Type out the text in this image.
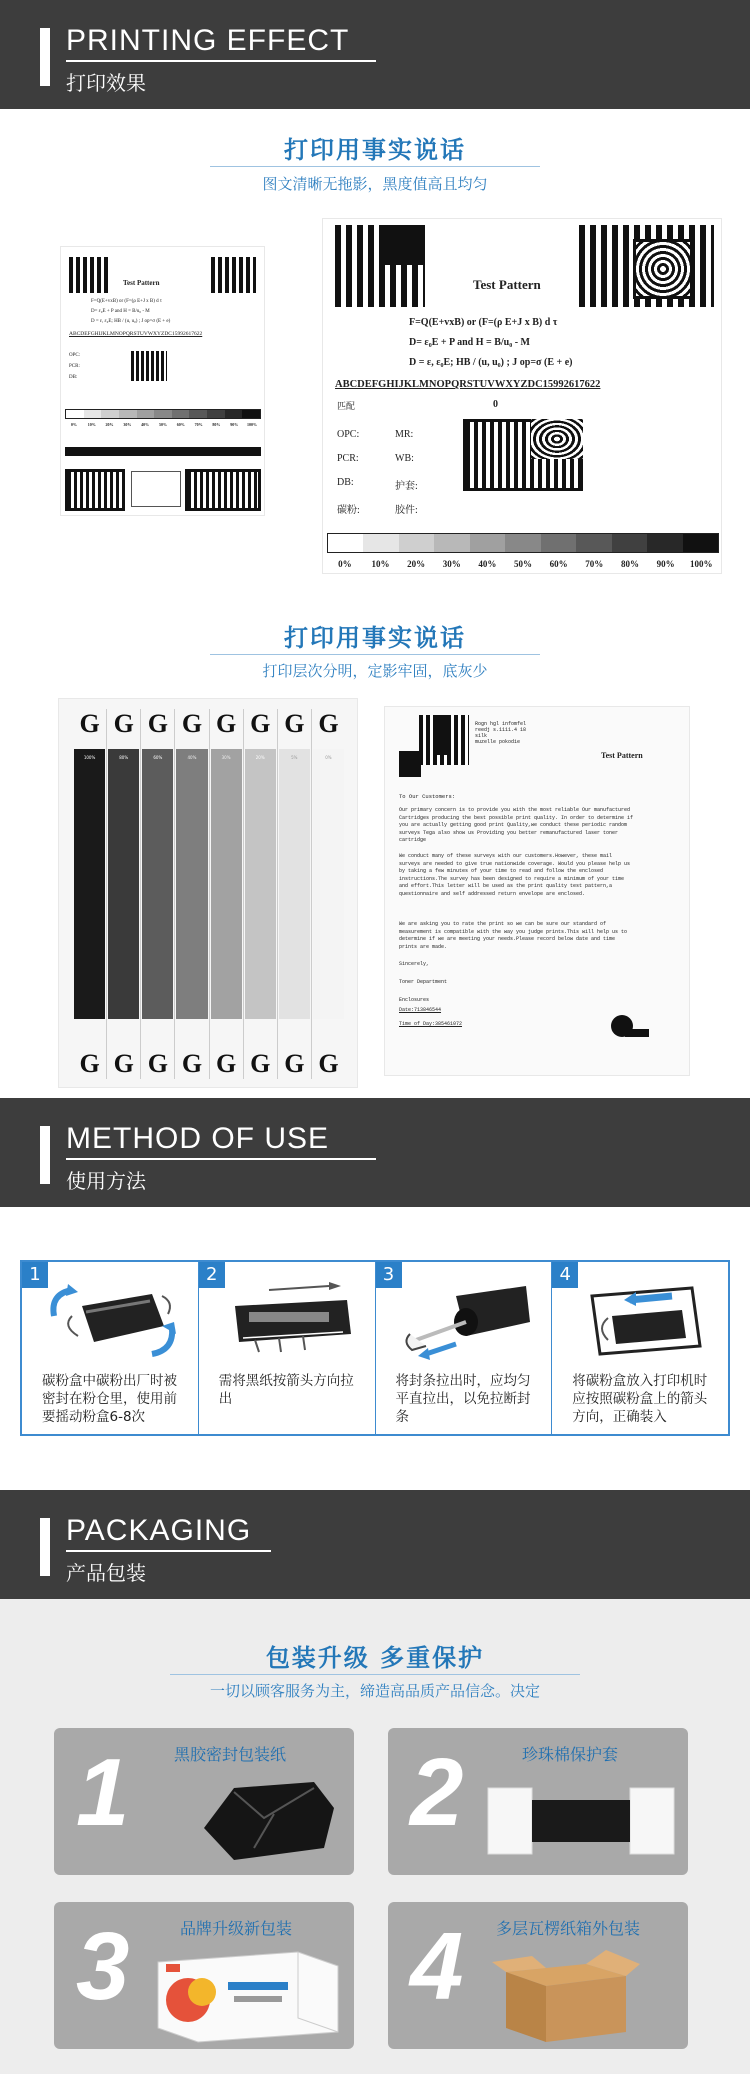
PRINTING EFFECT
打印效果
打印用事实说话
图文清晰无拖影，黑度值高且均匀
Test Pattern
F=Q(E+vxB) or (F=(ρ E+J x B) d τ
D= ε₀E + P and H = B/u₀ - M
D = ε, ε₀E; HB / (u, u₀) ; J op=σ (E + e)
ABCDEFGHIJKLMNOPQRSTUVWXYZDC15992617622
OPC:
PCR:
DB:
0%	10%	20%	30%	40%	50%	60%	70%	80%	90%	100%
Test Pattern
F=Q(E+vxB) or (F=(ρ E+J x B) d τ
D= ε₀E + P and H = B/u₀ - M
D = ε, ε₀E; HB / (u, u₀) ; J op=σ (E + e)
ABCDEFGHIJKLMNOPQRSTUVWXYZDC15992617622
匹配	0
OPC:	MR:
PCR:	WB:
DB:	护套:
碳粉:	胶件:
0%	10%	20%	30%	40%	50%	60%	70%	80%	90%	100%
打印用事实说话
打印层次分明，定影牢固，底灰少
G
100%
G
G
80%
G
G
60%
G
G
40%
G
G
30%
G
G
20%
G
G
5%
G
G
0%
G
Rogn hgl infomfel
reedj s.1111.4 18
silk
muzelle pokodie
Test Pattern
To Our Customers:
Our primary concern is to provide you with the most reliable Our manufactured Cartridges producing the best possible print quality. In order to determine if you are actually getting good print Quality,we conduct these periodic random surveys Tega also show us Providing you better remanufactured laser toner cartridge
We conduct many of these surveys with our customers.However, these mail surveys are needed to give true nationwide coverage. Would you please help us by taking a few minutes of your time to read and follow the enclosed instructions.The survey has been designed to require a minimum of your time and effort.This letter will be used as the print quality test pattern,a questionnaire and self addressed return envelope are enclosed.
We are asking you to rate the print so we can be sure our standard of measurement is compatible with the way you judge prints.This will help us to determine if we are meeting your needs.Please record below date and time prints are made.
Sincerely,
Toner Department
Enclosures
Date:713846544
Time of Day:385461072
METHOD OF USE
使用方法
1
碳粉盒中碳粉出厂时被密封在粉仓里，使用前要摇动粉盒6-8次
2
需将黑纸按箭头方向拉出
3
将封条拉出时，应均匀平直拉出，以免拉断封条
4
将碳粉盒放入打印机时应按照碳粉盒上的箭头方向，正确装入
PACKAGING
产品包装
包装升级 多重保护
一切以顾客服务为主，缔造高品质产品信念。决定
1	黑胶密封包装纸 2	珍珠棉保护套
3	品牌升级新包装 4 多层瓦楞纸箱外包装
